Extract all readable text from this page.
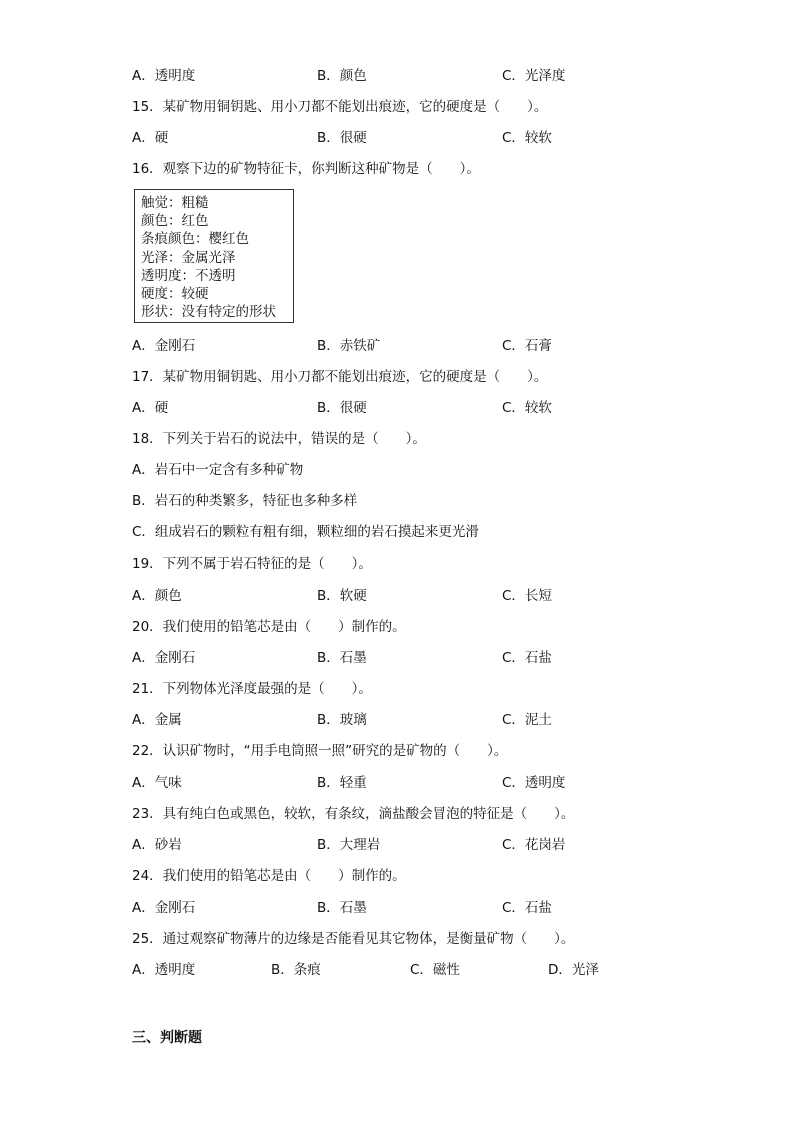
A．透明度	B．颜色	C．光泽度
15．某矿物用铜钥匙、用小刀都不能划出痕迹，它的硬度是（　　）。
A．硬	B．很硬	C．较软
16．观察下边的矿物特征卡，你判断这种矿物是（　　）。
触觉：粗糙
颜色：红色
条痕颜色：樱红色
光泽：金属光泽
透明度：不透明
硬度：较硬
形状：没有特定的形状
A．金刚石	B．赤铁矿	C．石膏
17．某矿物用铜钥匙、用小刀都不能划出痕迹，它的硬度是（　　）。
A．硬	B．很硬	C．较软
18．下列关于岩石的说法中，错误的是（　　）。
A．岩石中一定含有多种矿物
B．岩石的种类繁多，特征也多种多样
C．组成岩石的颗粒有粗有细，颗粒细的岩石摸起来更光滑
19．下列不属于岩石特征的是（　　）。
A．颜色	B．软硬	C．长短
20．我们使用的铅笔芯是由（　　）制作的。
A．金刚石	B．石墨	C．石盐
21．下列物体光泽度最强的是（　　）。
A．金属	B．玻璃	C．泥土
22．认识矿物时，“用手电筒照一照”研究的是矿物的（　　）。
A．气味	B．轻重	C．透明度
23．具有纯白色或黑色，较软，有条纹，滴盐酸会冒泡的特征是（　　）。
A．砂岩	B．大理岩	C．花岗岩
24．我们使用的铅笔芯是由（　　）制作的。
A．金刚石	B．石墨	C．石盐
25．通过观察矿物薄片的边缘是否能看见其它物体，是衡量矿物（　　）。
A．透明度	B．条痕	C．磁性	D．光泽
三、判断题
